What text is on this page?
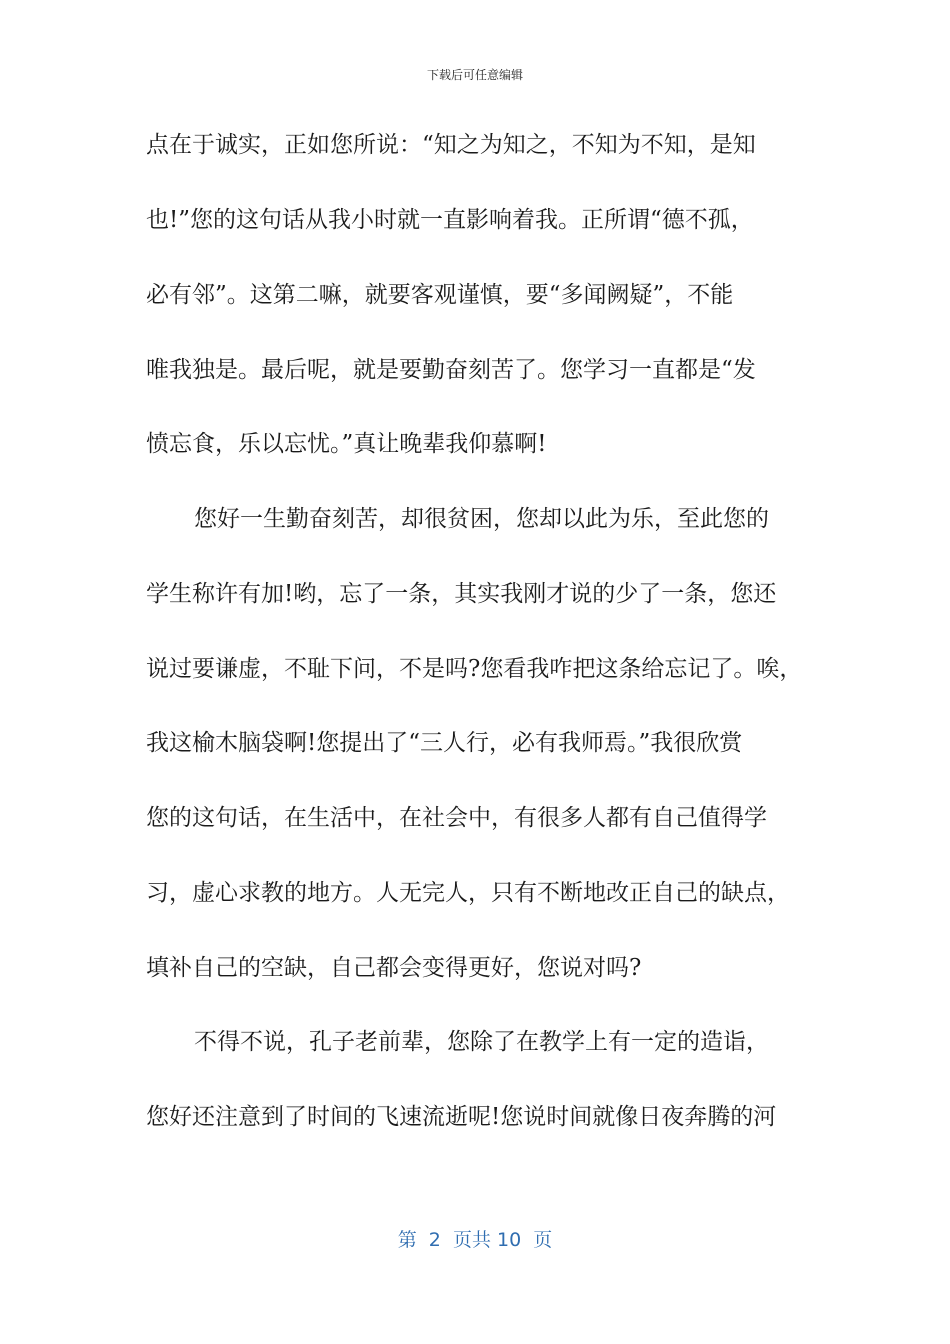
下载后可任意编辑
点在于诚实，正如您所说：“知之为知之，不知为不知，是知
也!”您的这句话从我小时就一直影响着我。正所谓“德不孤，
必有邻”。这第二嘛，就要客观谨慎，要“多闻阙疑”，不能
唯我独是。最后呢，就是要勤奋刻苦了。您学习一直都是“发
愤忘食，乐以忘忧。”真让晚辈我仰慕啊!
您好一生勤奋刻苦，却很贫困，您却以此为乐，至此您的
学生称许有加!哟，忘了一条，其实我刚才说的少了一条，您还
说过要谦虚，不耻下问，不是吗?您看我咋把这条给忘记了。唉，
我这榆木脑袋啊!您提出了“三人行，必有我师焉。”我很欣赏
您的这句话，在生活中，在社会中，有很多人都有自己值得学
习，虚心求教的地方。人无完人，只有不断地改正自己的缺点，
填补自己的空缺，自己都会变得更好，您说对吗?
不得不说，孔子老前辈，您除了在教学上有一定的造诣，
您好还注意到了时间的飞速流逝呢!您说时间就像日夜奔腾的河
第  2  页共 10  页
